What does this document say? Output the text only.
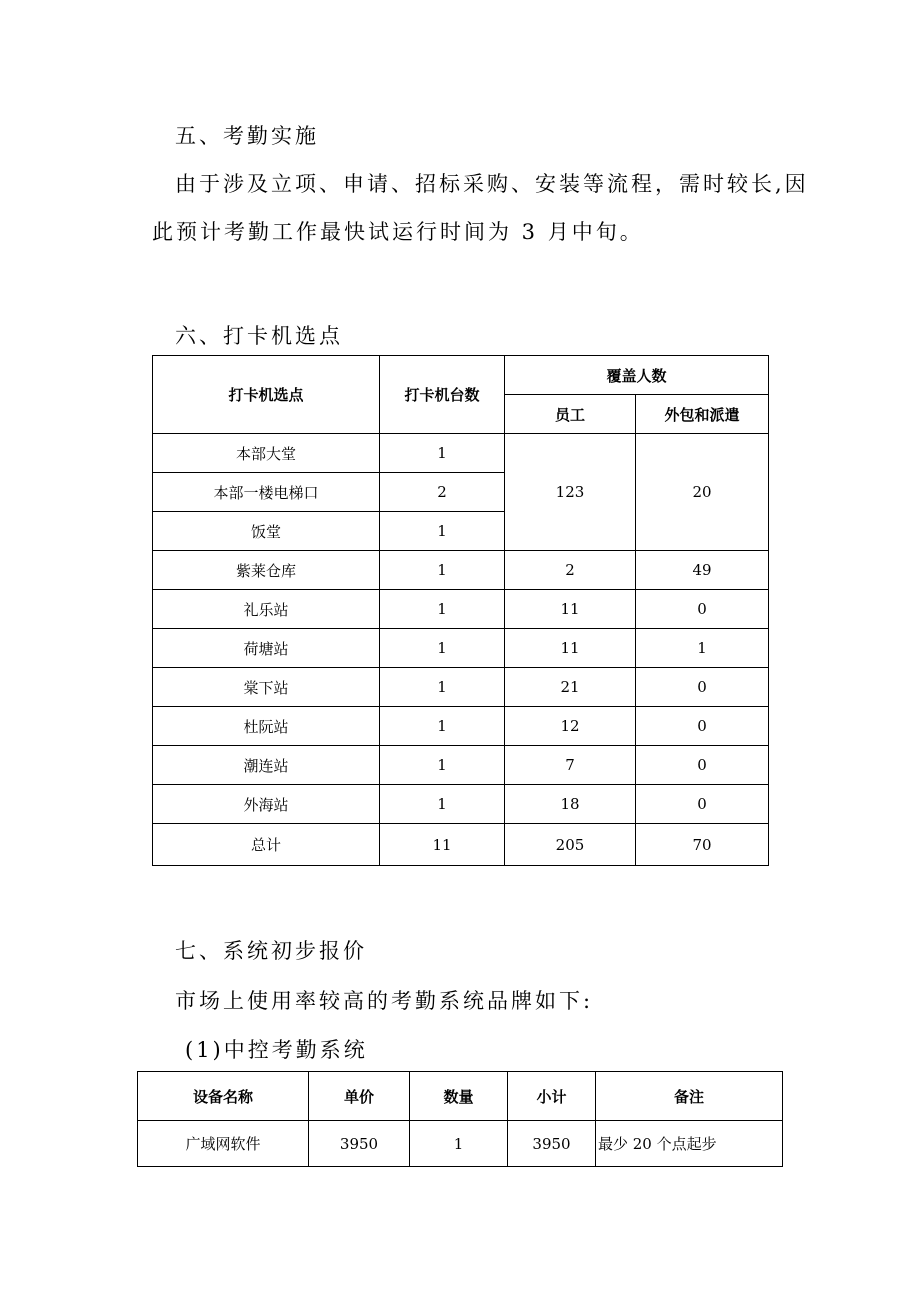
五、考勤实施
由于涉及立项、申请、招标采购、安装等流程，需时较长,因
此预计考勤工作最快试运行时间为 3 月中旬。
六、打卡机选点
打卡机选点	打卡机台数	覆盖人数	
		员工	外包和派遣
本部大堂	1	123	20
本部一楼电梯口	2		
饭堂	1		
紫莱仓库	1	2	49
礼乐站	1	11	0
荷塘站	1	11	1
棠下站	1	21	0
杜阮站	1	12	0
潮连站	1	7	0
外海站	1	18	0
总计	11	205	70
七、系统初步报价
市场上使用率较高的考勤系统品牌如下:
(1)中控考勤系统
设备名称	单价	数量	小计	备注
广域网软件	3950	1	3950	最少 20 个点起步
